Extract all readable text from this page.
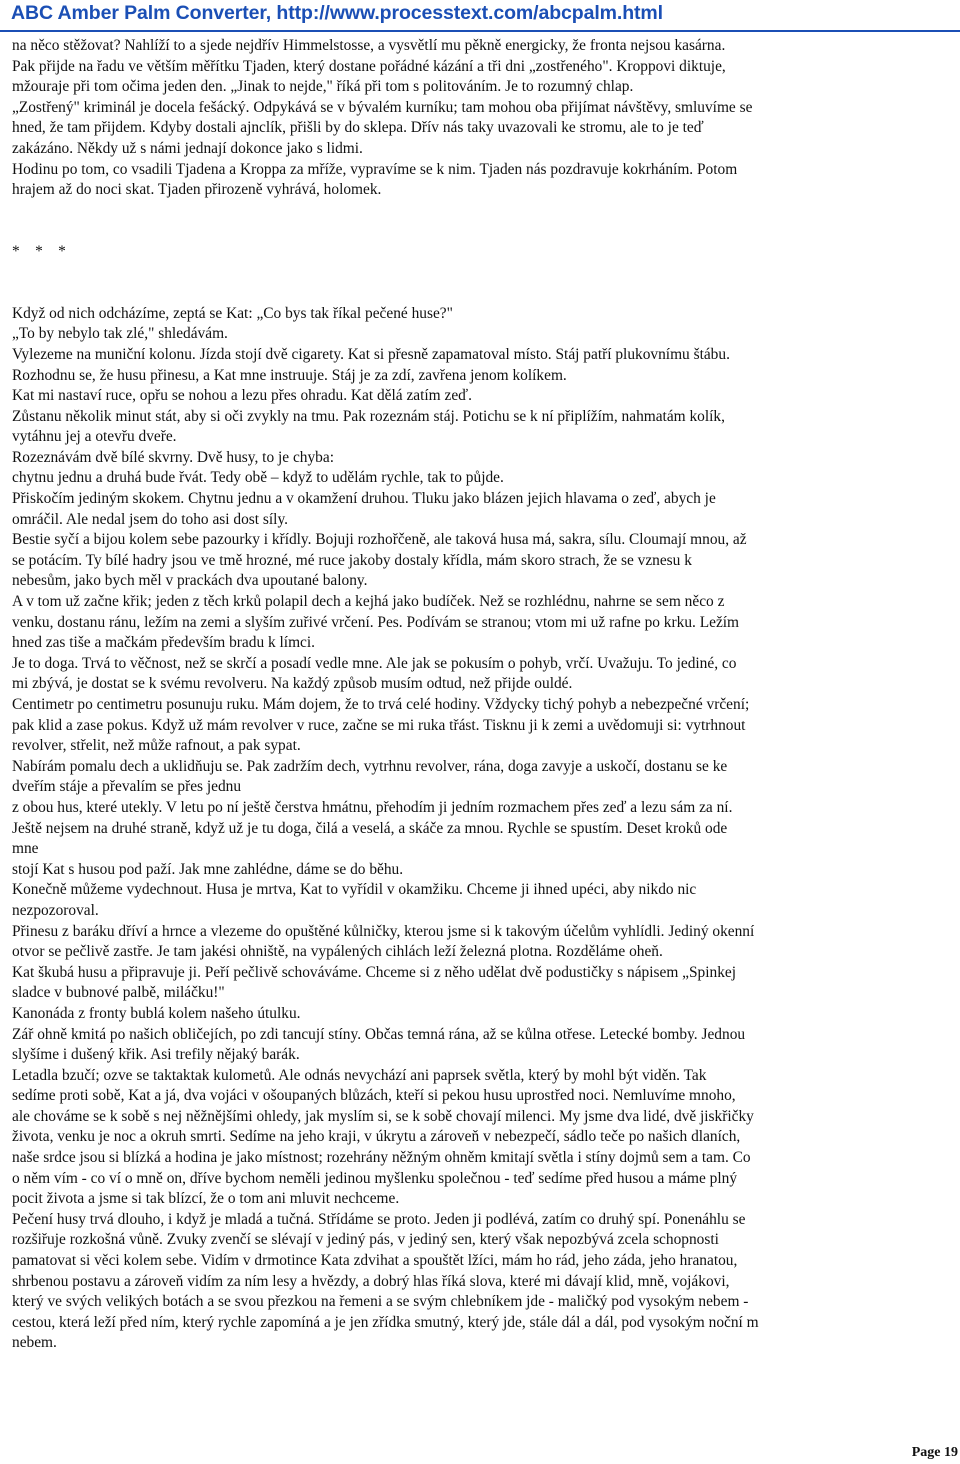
ABC Amber Palm Converter, http://www.processtext.com/abcpalm.html
na něco stěžovat? Nahlíží to a sjede nejdřív Himmelstosse, a vysvětlí mu pěkně energicky, že fronta nejsou kasárna.
Pak přijde na řadu ve větším měřítku Tjaden, který dostane pořádné kázání a tři dni „zostřeného". Kroppovi diktuje,
mžouraje při tom očima jeden den. „Jinak to nejde," říká při tom s politováním. Je to rozumný chlap.
„Zostřený" kriminál je docela fešácký. Odpykává se v bývalém kurníku; tam mohou oba přijímat návštěvy, smluvíme se
hned, že tam přijdem. Kdyby dostali ajnclík, přišli by do sklepa. Dřív nás taky uvazovali ke stromu, ale to je teď
zakázáno. Někdy už s námi jednají dokonce jako s lidmi.
Hodinu po tom, co vsadili Tjadena a Kroppa za mříže, vypravíme se k nim. Tjaden nás pozdravuje kokrháním. Potom
hrajem až do noci skat. Tjaden přirozeně vyhrává, holomek.
*    *    *
Když od nich odcházíme, zeptá se Kat: „Co bys tak říkal pečené huse?"
„To by nebylo tak zlé," shledávám.
Vylezeme na muniční kolonu. Jízda stojí dvě cigarety. Kat si přesně zapamatoval místo. Stáj patří plukovnímu štábu.
Rozhodnu se, že husu přinesu, a Kat mne instruuje. Stáj je za zdí, zavřena jenom kolíkem.
Kat mi nastaví ruce, opřu se nohou a lezu přes ohradu. Kat dělá zatím zeď.
Zůstanu několik minut stát, aby si oči zvykly na tmu. Pak rozeznám stáj. Potichu se k ní připlížím, nahmatám kolík,
vytáhnu jej a otevřu dveře.
Rozeznávám dvě bílé skvrny. Dvě husy, to je chyba:
chytnu jednu a druhá bude řvát. Tedy obě – když to udělám rychle, tak to půjde.
Přiskočím jediným skokem. Chytnu jednu a v okamžení druhou. Tluku jako blázen jejich hlavama o zeď, abych je
omráčil. Ale nedal jsem do toho asi dost síly.
Bestie syčí a bijou kolem sebe pazourky i křídly. Bojuji rozhořčeně, ale taková husa má, sakra, sílu. Cloumají mnou, až
se potácím. Ty bílé hadry jsou ve tmě hrozné, mé ruce jakoby dostaly křídla, mám skoro strach, že se vznesu k
nebesům, jako bych měl v prackách dva upoutané balony.
A v tom už začne křik; jeden z těch krků polapil dech a kejhá jako budíček. Než se rozhlédnu, nahrne se sem něco z
venku, dostanu ránu, ležím na zemi a slyším zuřivé vrčení. Pes. Podívám se stranou; vtom mi už rafne po krku. Ležím
hned zas tiše a mačkám především bradu k límci.
Je to doga. Trvá to věčnost, než se skrčí a posadí vedle mne. Ale jak se pokusím o pohyb, vrčí. Uvažuju. To jediné, co
mi zbývá, je dostat se k svému revolveru. Na každý způsob musím odtud, než přijde ouldé.
Centimetr po centimetru posunuju ruku. Mám dojem, že to trvá celé hodiny. Vždycky tichý pohyb a nebezpečné vrčení;
pak klid a zase pokus. Když už mám revolver v ruce, začne se mi ruka třást. Tisknu ji k zemi a uvědomuji si: vytrhnout
revolver, střelit, než může rafnout, a pak sypat.
Nabírám pomalu dech a uklidňuju se. Pak zadržím dech, vytrhnu revolver, rána, doga zavyje a uskočí, dostanu se ke
dveřím stáje a převalím se přes jednu
z obou hus, které utekly. V letu po ní ještě čerstva hmátnu, přehodím ji jedním rozmachem přes zeď a lezu sám za ní.
Ještě nejsem na druhé straně, když už je tu doga, čilá a veselá, a skáče za mnou. Rychle se spustím. Deset kroků ode
mne
stojí Kat s husou pod paží. Jak mne zahlédne, dáme se do běhu.
Konečně můžeme vydechnout. Husa je mrtva, Kat to vyřídil v okamžiku. Chceme ji ihned upéci, aby nikdo nic
nezpozoroval.
Přinesu z baráku dříví a hrnce a vlezeme do opuštěné kůlničky, kterou jsme si k takovým účelům vyhlídli. Jediný okenní
otvor se pečlivě zastře. Je tam jakési ohniště, na vypálených cihlách leží železná plotna. Rozděláme oheň.
Kat škubá husu a připravuje ji. Peří pečlivě schováváme. Chceme si z něho udělat dvě podustičky s nápisem „Spinkej
sladce v bubnové palbě, miláčku!"
Kanonáda z fronty bublá kolem našeho útulku.
Zář ohně kmitá po našich obličejích, po zdi tancují stíny. Občas temná rána, až se kůlna otřese. Letecké bomby. Jednou
slyšíme i dušený křik. Asi trefily nějaký barák.
Letadla bzučí; ozve se taktaktak kulometů. Ale odnás nevychází ani paprsek světla, který by mohl být viděn. Tak
sedíme proti sobě, Kat a já, dva vojáci v ošoupaných blůzách, kteří si pekou husu uprostřed noci. Nemluvíme mnoho,
ale chováme se k sobě s nej něžnějšími ohledy, jak myslím si, se k sobě chovají milenci. My jsme dva lidé, dvě jiskřičky
života, venku je noc a okruh smrti. Sedíme na jeho kraji, v úkrytu a zároveň v nebezpečí, sádlo teče po našich dlaních,
naše srdce jsou si blízká a hodina je jako místnost; rozehrány něžným ohněm kmitají světla i stíny dojmů sem a tam. Co
o něm vím - co ví o mně on, dříve bychom neměli jedinou myšlenku společnou - teď sedíme před husou a máme plný
pocit života a jsme si tak blízcí, že o tom ani mluvit nechceme.
Pečení husy trvá dlouho, i když je mladá a tučná. Střídáme se proto. Jeden ji podlévá, zatím co druhý spí. Ponenáhlu se
rozšiřuje rozkošná vůně. Zvuky zvenčí se slévají v jediný pás, v jediný sen, který však nepozbývá zcela schopnosti
pamatovat si věci kolem sebe. Vidím v drmotince Kata zdvihat a spouštět lžíci, mám ho rád, jeho záda, jeho hranatou,
shrbenou postavu a zároveň vidím za ním lesy a hvězdy, a dobrý hlas říká slova, které mi dávají klid, mně, vojákovi,
který ve svých velikých botách a se svou přezkou na řemeni a se svým chlebníkem jde - maličký pod vysokým nebem -
cestou, která leží před ním, který rychle zapomíná a je jen zřídka smutný, který jde, stále dál a dál, pod vysokým noční m
nebem.
Page 19
